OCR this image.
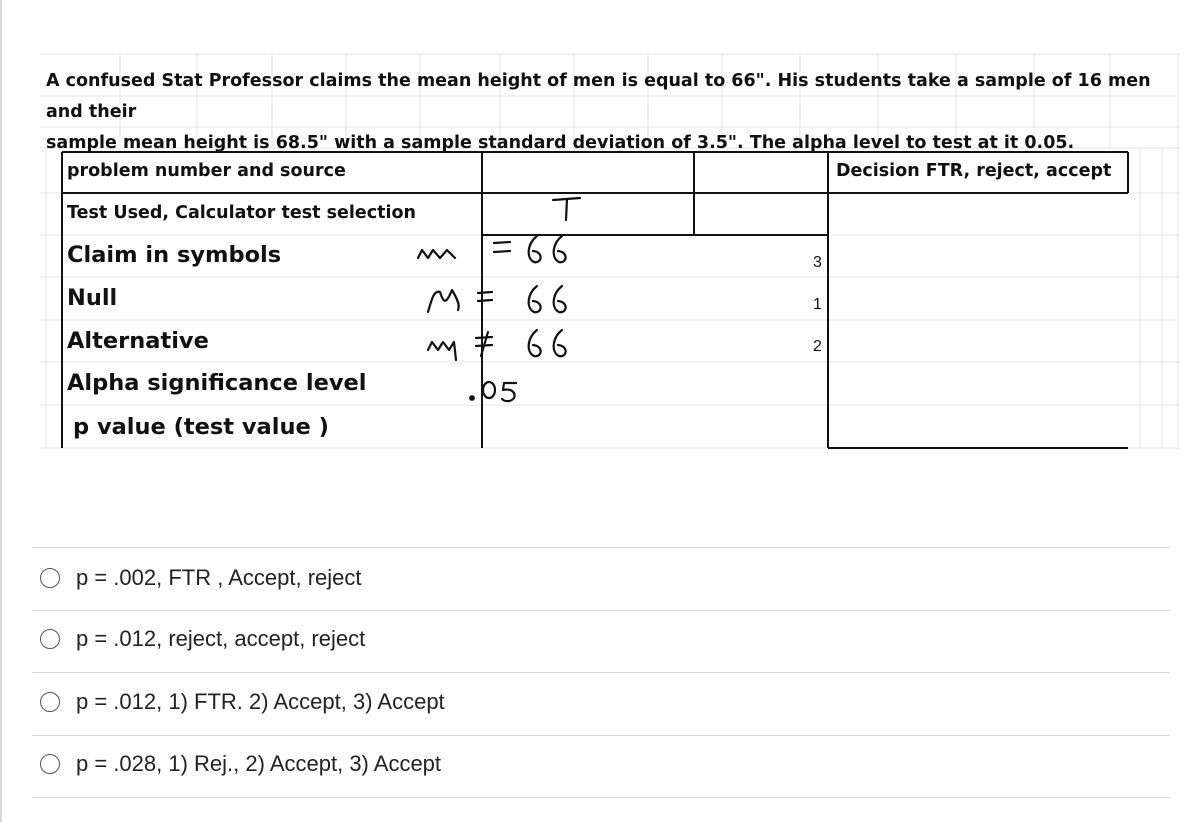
A confused Stat Professor claims the mean height of men is equal to 66". His students take a sample of 16 men and their
sample mean height is 68.5" with a sample standard deviation of 3.5". The alpha level to test at it 0.05.
problem number and source
Test Used, Calculator test selection
Claim in symbols
Null
Alternative
Alpha significance level
p value (test value )
Decision FTR, reject, accept
3
1
2
p = .002, FTR , Accept, reject
p = .012, reject, accept, reject
p = .012, 1) FTR. 2) Accept, 3) Accept
p = .028, 1) Rej., 2) Accept, 3) Accept
